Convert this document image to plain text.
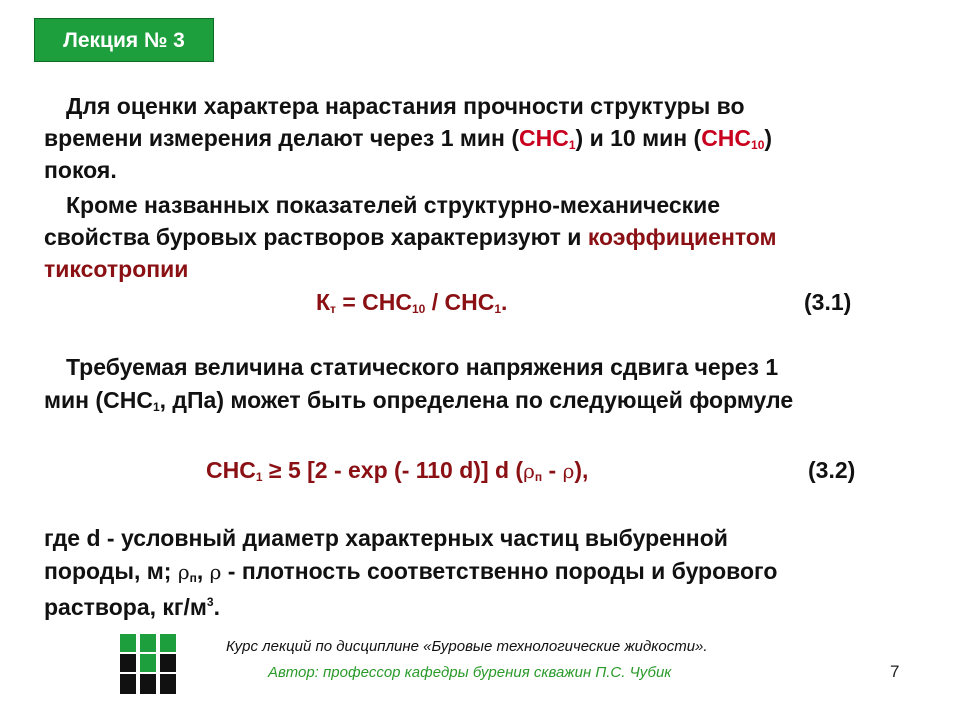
Лекция № 3
Для оценки характера нарастания прочности структуры во
времени измерения делают через 1 мин $(СНС_1)$ и 10 мин $(СНС_{10})$
покоя.
Кроме названных показателей структурно-механические
свойства буровых растворов характеризуют и коэффициентом
тиксотропии
$К_т = СНС_{10} / СНС_1$.	(3.1)
Требуемая величина статического напряжения сдвига через 1
мин ($СНС_1$, дПа) может быть определена по следующей формуле
$СНС_1 \ge 5$ [2 - exp (- 110 d)] d $(\rho_п - \rho)$,	(3.2)
где d - условный диаметр характерных частиц выбуренной
породы, м; $\rho_п$, ρ - плотность соответственно породы и бурового
раствора, $кг/м^3$.
Курс лекций по дисциплине «Буровые технологические жидкости».
Автор: профессор кафедры бурения скважин П.С. Чубик	7
